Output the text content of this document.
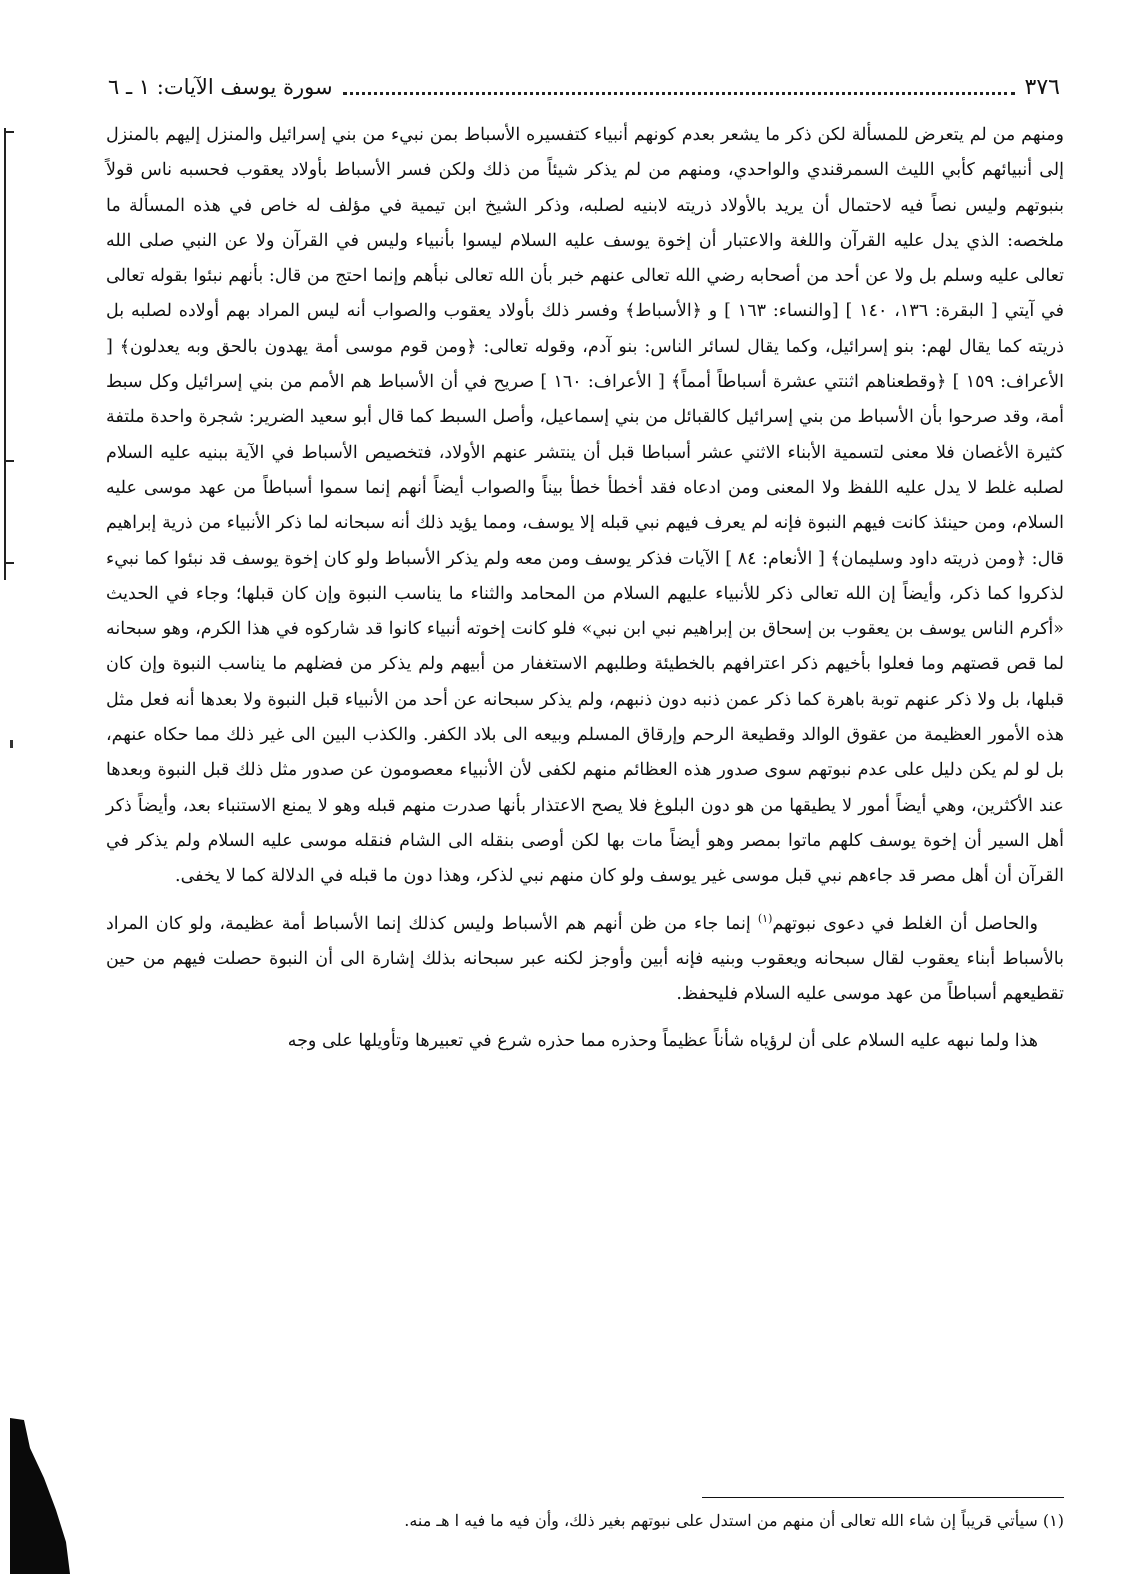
٣٧٦
سورة يوسف الآيات: ١ ـ ٦

ومنهم من لم يتعرض للمسألة لكن ذكر ما يشعر بعدم كونهم أنبياء كتفسيره الأسباط بمن نبيء من بني إسرائيل والمنزل إليهم بالمنزل إلى أنبيائهم كأبي الليث السمرقندي والواحدي، ومنهم من لم يذكر شيئاً من ذلك ولكن فسر الأسباط بأولاد يعقوب فحسبه ناس قولاً بنبوتهم وليس نصاً فيه لاحتمال أن يريد بالأولاد ذريته لابنيه لصلبه، وذكر الشيخ ابن تيمية في مؤلف له خاص في هذه المسألة ما ملخصه: الذي يدل عليه القرآن واللغة والاعتبار أن إخوة يوسف عليه السلام ليسوا بأنبياء وليس في القرآن ولا عن النبي صلى الله تعالى عليه وسلم بل ولا عن أحد من أصحابه رضي الله تعالى عنهم خبر بأن الله تعالى نبأهم وإنما احتج من قال: بأنهم نبئوا بقوله تعالى في آيتي [ البقرة: ١٣٦، ١٤٠ ] [والنساء: ١٦٣ ] و ﴿الأسباط﴾ وفسر ذلك بأولاد يعقوب والصواب أنه ليس المراد بهم أولاده لصلبه بل ذريته كما يقال لهم: بنو إسرائيل، وكما يقال لسائر الناس: بنو آدم، وقوله تعالى: ﴿ومن قوم موسى أمة يهدون بالحق وبه يعدلون﴾ [ الأعراف: ١٥٩ ] ﴿وقطعناهم اثنتي عشرة أسباطاً أمماً﴾ [ الأعراف: ١٦٠ ] صريح في أن الأسباط هم الأمم من بني إسرائيل وكل سبط أمة، وقد صرحوا بأن الأسباط من بني إسرائيل كالقبائل من بني إسماعيل، وأصل السبط كما قال أبو سعيد الضرير: شجرة واحدة ملتفة كثيرة الأغصان فلا معنى لتسمية الأبناء الاثني عشر أسباطا قبل أن ينتشر عنهم الأولاد، فتخصيص الأسباط في الآية ببنيه عليه السلام لصلبه غلط لا يدل عليه اللفظ ولا المعنى ومن ادعاه فقد أخطأ خطأ بيناً والصواب أيضاً أنهم إنما سموا أسباطاً من عهد موسى عليه السلام، ومن حينئذ كانت فيهم النبوة فإنه لم يعرف فيهم نبي قبله إلا يوسف، ومما يؤيد ذلك أنه سبحانه لما ذكر الأنبياء من ذرية إبراهيم قال: ﴿ومن ذريته داود وسليمان﴾ [ الأنعام: ٨٤ ] الآيات فذكر يوسف ومن معه ولم يذكر الأسباط ولو كان إخوة يوسف قد نبئوا كما نبيء لذكروا كما ذكر، وأيضاً إن الله تعالى ذكر للأنبياء عليهم السلام من المحامد والثناء ما يناسب النبوة وإن كان قبلها؛ وجاء في الحديث «أكرم الناس يوسف بن يعقوب بن إسحاق بن إبراهيم نبي ابن نبي» فلو كانت إخوته أنبياء كانوا قد شاركوه في هذا الكرم، وهو سبحانه لما قص قصتهم وما فعلوا بأخيهم ذكر اعترافهم بالخطيئة وطلبهم الاستغفار من أبيهم ولم يذكر من فضلهم ما يناسب النبوة وإن كان قبلها، بل ولا ذكر عنهم توبة باهرة كما ذكر عمن ذنبه دون ذنبهم، ولم يذكر سبحانه عن أحد من الأنبياء قبل النبوة ولا بعدها أنه فعل مثل هذه الأمور العظيمة من عقوق الوالد وقطيعة الرحم وإرقاق المسلم وبيعه الى بلاد الكفر. والكذب البين الى غير ذلك مما حكاه عنهم، بل لو لم يكن دليل على عدم نبوتهم سوى صدور هذه العظائم منهم لكفى لأن الأنبياء معصومون عن صدور مثل ذلك قبل النبوة وبعدها عند الأكثرين، وهي أيضاً أمور لا يطيقها من هو دون البلوغ فلا يصح الاعتذار بأنها صدرت منهم قبله وهو لا يمنع الاستنباء بعد، وأيضاً ذكر أهل السير أن إخوة يوسف كلهم ماتوا بمصر وهو أيضاً مات بها لكن أوصى بنقله الى الشام فنقله موسى عليه السلام ولم يذكر في القرآن أن أهل مصر قد جاءهم نبي قبل موسى غير يوسف ولو كان منهم نبي لذكر، وهذا دون ما قبله في الدلالة كما لا يخفى.

والحاصل أن الغلط في دعوى نبوتهم$^{(١)}$ إنما جاء من ظن أنهم هم الأسباط وليس كذلك إنما الأسباط أمة عظيمة، ولو كان المراد بالأسباط أبناء يعقوب لقال سبحانه ويعقوب وبنيه فإنه أبين وأوجز لكنه عبر سبحانه بذلك إشارة الى أن النبوة حصلت فيهم من حين تقطيعهم أسباطاً من عهد موسى عليه السلام فليحفظ.

هذا ولما نبهه عليه السلام على أن لرؤياه شأناً عظيماً وحذره مما حذره شرع في تعبيرها وتأويلها على وجه

(١) سيأتي قريباً إن شاء الله تعالى أن منهم من استدل على نبوتهم بغير ذلك، وأن فيه ما فيه ا هـ منه.
